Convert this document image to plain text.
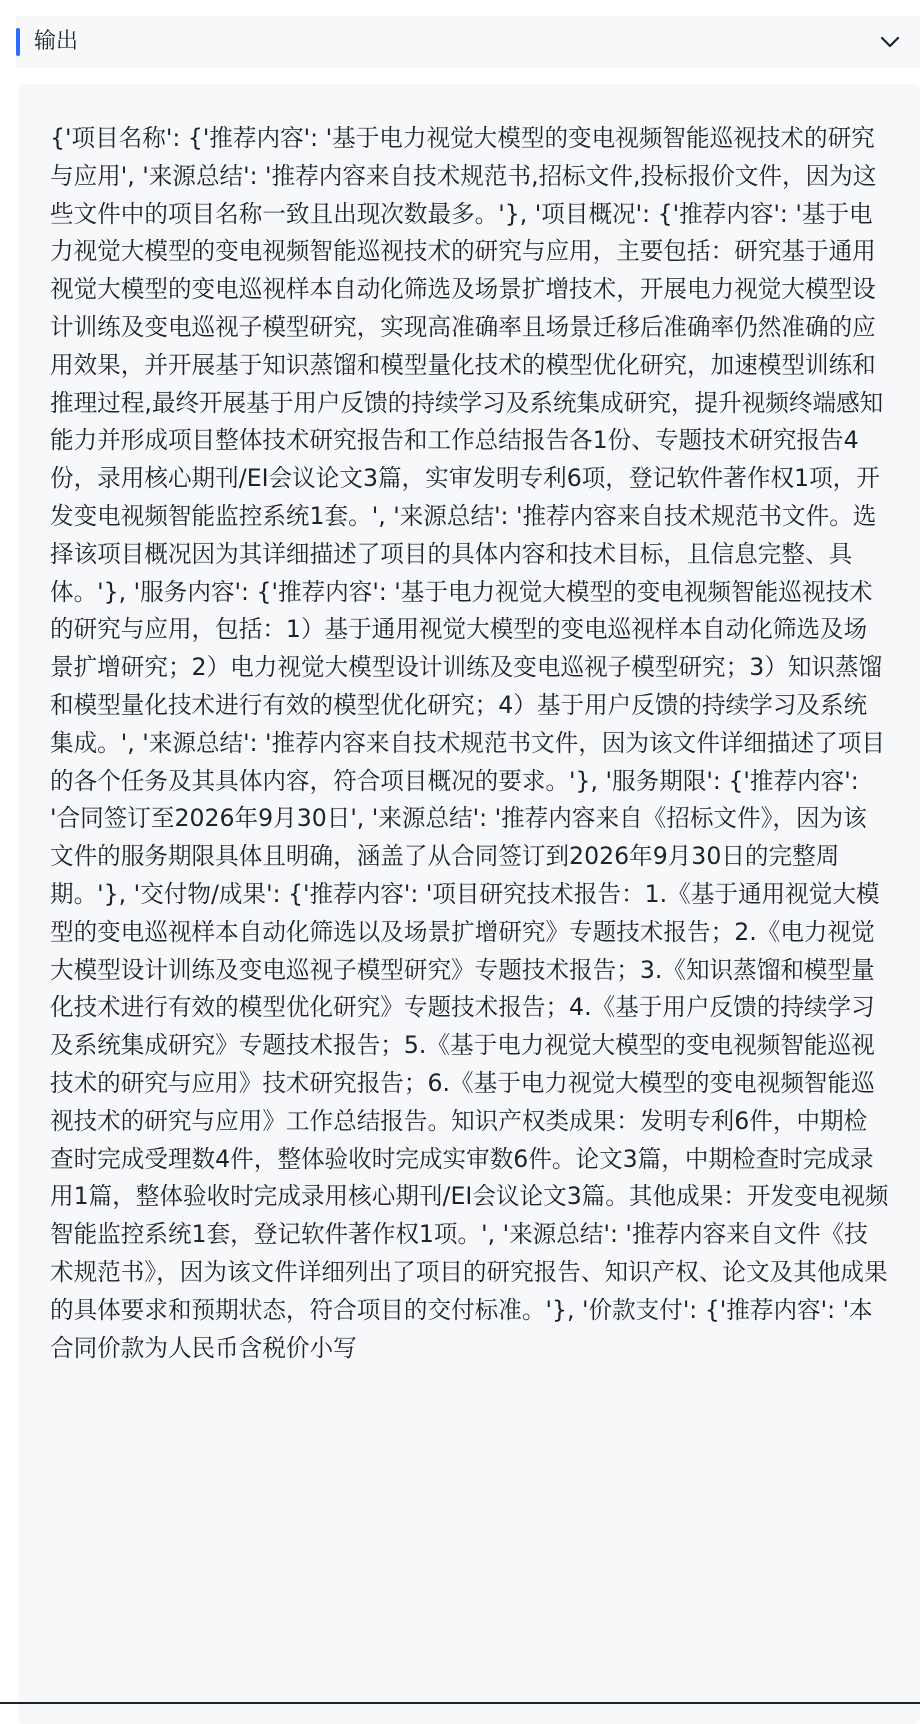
输出

{'项目名称': {'推荐内容': '基于电力视觉大模型的变电视频智能巡视技术的研究与应用', '来源总结': '推荐内容来自技术规范书,招标文件,投标报价文件，因为这些文件中的项目名称一致且出现次数最多。'}, '项目概况': {'推荐内容': '基于电力视觉大模型的变电视频智能巡视技术的研究与应用，主要包括：研究基于通用视觉大模型的变电巡视样本自动化筛选及场景扩增技术，开展电力视觉大模型设计训练及变电巡视子模型研究，实现高准确率且场景迁移后准确率仍然准确的应用效果，并开展基于知识蒸馏和模型量化技术的模型优化研究，加速模型训练和推理过程,最终开展基于用户反馈的持续学习及系统集成研究，提升视频终端感知能力并形成项目整体技术研究报告和工作总结报告各1份、专题技术研究报告4份，录用核心期刊/EI会议论文3篇，实审发明专利6项，登记软件著作权1项，开发变电视频智能监控系统1套。', '来源总结': '推荐内容来自技术规范书文件。选择该项目概况因为其详细描述了项目的具体内容和技术目标，且信息完整、具体。'}, '服务内容': {'推荐内容': '基于电力视觉大模型的变电视频智能巡视技术的研究与应用，包括：1）基于通用视觉大模型的变电巡视样本自动化筛选及场景扩增研究；2）电力视觉大模型设计训练及变电巡视子模型研究；3）知识蒸馏和模型量化技术进行有效的模型优化研究；4）基于用户反馈的持续学习及系统集成。', '来源总结': '推荐内容来自技术规范书文件，因为该文件详细描述了项目的各个任务及其具体内容，符合项目概况的要求。'}, '服务期限': {'推荐内容': '合同签订至2026年9月30日', '来源总结': '推荐内容来自《招标文件》，因为该文件的服务期限具体且明确，涵盖了从合同签订到2026年9月30日的完整周期。'}, '交付物/成果': {'推荐内容': '项目研究技术报告：1.《基于通用视觉大模型的变电巡视样本自动化筛选以及场景扩增研究》专题技术报告；2.《电力视觉大模型设计训练及变电巡视子模型研究》专题技术报告；3.《知识蒸馏和模型量化技术进行有效的模型优化研究》专题技术报告；4.《基于用户反馈的持续学习及系统集成研究》专题技术报告；5.《基于电力视觉大模型的变电视频智能巡视技术的研究与应用》技术研究报告；6.《基于电力视觉大模型的变电视频智能巡视技术的研究与应用》工作总结报告。知识产权类成果：发明专利6件，中期检查时完成受理数4件，整体验收时完成实审数6件。论文3篇，中期检查时完成录用1篇，整体验收时完成录用核心期刊/EI会议论文3篇。其他成果：开发变电视频智能监控系统1套，登记软件著作权1项。', '来源总结': '推荐内容来自文件《技术规范书》，因为该文件详细列出了项目的研究报告、知识产权、论文及其他成果的具体要求和预期状态，符合项目的交付标准。'}, '价款支付': {'推荐内容': '本合同价款为人民币含税价小写
